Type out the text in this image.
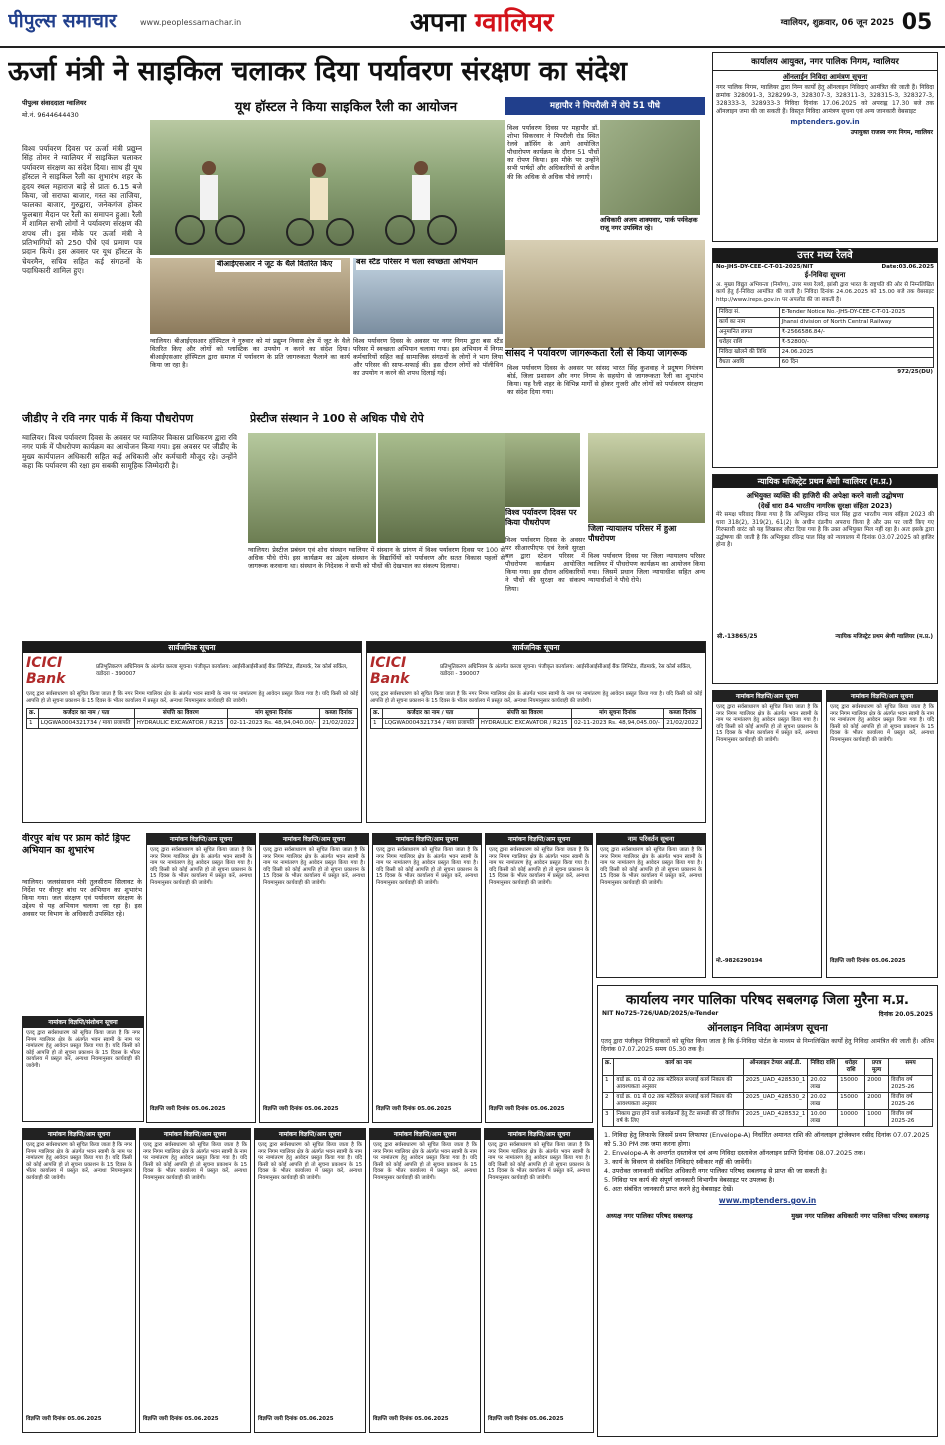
पीपुल्स समाचार	www.peoplessamachar.in	अपना ग्वालियर	ग्वालियर, शुक्रवार, 06 जून 2025 05
ऊर्जा मंत्री ने साइकिल चलाकर दिया पर्यावरण संरक्षण का संदेश
पीपुल्स संवाददाता ग्वालियर
मो.नं. 9644644430
विश्व पर्यावरण दिवस पर ऊर्जा मंत्री प्रद्युम्न सिंह तोमर ने ग्वालियर में साइकिल चलाकर पर्यावरण संरक्षण का संदेश दिया। साथ ही यूथ हॉस्टल ने साइकिल रैली का शुभारंभ शहर के हृदय स्थल महाराज बाड़े से प्रातः 6.15 बजे किया, जो सराफा बाजार, गस्त का ताजिया, फालका बाजार, गुरुद्वारा, जनेकगंज होकर फूलबाग़ मैदान पर रैली का समापन हुआ। रैली में शामिल सभी लोगों ने पर्यावरण संरक्षण की शपथ ली। इस मौके पर ऊर्जा मंत्री ने प्रतिभागियों को 250 पौधे एवं प्रमाण पत्र प्रदान किये। इस अवसर पर यूथ हॉस्टल के चेयरमैन, सचिव सहित कई संगठनों के पदाधिकारी शामिल हुए।
यूथ हॉस्टल ने किया साइकिल रैली का आयोजन	महापौर ने पिपरौली में रोपे 51 पौधे
विश्व पर्यावरण दिवस पर महापौर डॉ. शोभा सिकरवार ने पिपरौली रोड स्थित रेलवे क्रॉसिंग के आगे आयोजित पौधारोपण कार्यक्रम के दौरान 51 पौधों का रोपण किया। इस मौके पर उन्होंने सभी पार्षदों और अधिकारियों से अपील की कि अधिक से अधिक पौधे लगाएँ।
अधिकारी अजय शाक्यवार, पार्क पर्यवेक्षक राजू नगर उपस्थित रहे।
बीआईएसआर ने जूट के थैले वितरित किए
ग्वालियर। बीआईएसआर हॉस्पिटल ने गुरुवार को मां प्रद्युम्न निवास क्षेत्र में जूट के थैले वितरित किए और लोगों को प्लास्टिक का उपयोग न करने का संदेश दिया। बीआईएसआर हॉस्पिटल द्वारा समाज में पर्यावरण के प्रति जागरुकता फैलाने का कार्य किया जा रहा है।
बस स्टैंड परिसर में चला स्वच्छता अभियान
विश्व पर्यावरण दिवस के अवसर पर नगर निगम द्वारा बस स्टैंड परिसर में स्वच्छता अभियान चलाया गया। इस अभियान में निगम कर्मचारियों सहित कई सामाजिक संगठनों के लोगों ने भाग लिया और परिसर की साफ-सफाई की। इस दौरान लोगों को पॉलीथिन का उपयोग न करने की शपथ दिलाई गई।
सांसद ने पर्यावरण जागरूकता रैली से किया जागरूक
विश्व पर्यावरण दिवस के अवसर पर सांसद भारत सिंह कुशवाह ने प्रदूषण नियंत्रण बोर्ड, जिला प्रशासन और नगर निगम के सहयोग से जागरूकता रैली का शुभारंभ किया। यह रैली शहर के विभिन्न मार्गों से होकर गुजरी और लोगों को पर्यावरण संरक्षण का संदेश दिया गया।
जीडीए ने रवि नगर पार्क में किया पौधरोपण
ग्वालियर। विश्व पर्यावरण दिवस के अवसर पर ग्वालियर विकास प्राधिकरण द्वारा रवि नगर पार्क में पौधरोपण कार्यक्रम का आयोजन किया गया। इस अवसर पर जीडीए के मुख्य कार्यपालन अधिकारी सहित कई अधिकारी और कर्मचारी मौजूद रहे। उन्होंने कहा कि पर्यावरण की रक्षा हम सबकी सामूहिक जिम्मेदारी है।
प्रेस्टीज संस्थान ने 100 से अधिक पौधे रोपे
ग्वालियर। प्रेस्टीज प्रबंधन एवं शोध संस्थान ग्वालियर में संस्थान के प्रांगण में विश्व पर्यावरण दिवस पर 100 से अधिक पौधे रोपे। इस कार्यक्रम का उद्देश्य संस्थान के विद्यार्थियों को पर्यावरण और सतत विकास पहलों से जागरूक करवाना था। संस्थान के निदेशक ने सभी को पौधों की देखभाल का संकल्प दिलाया।
विश्व पर्यावरण दिवस पर किया पौधरोपण
विश्व पर्यावरण दिवस के अवसर पर सीआरपीएफ एवं रेलवे सुरक्षा बल द्वारा स्टेशन परिसर में पौधरोपण कार्यक्रम आयोजित किया गया। इस दौरान अधिकारियों ने पौधों की सुरक्षा का संकल्प लिया।
जिला न्यायालय परिसर में हुआ पौधरोपण
विश्व पर्यावरण दिवस पर जिला न्यायालय परिसर ग्वालियर में पौधरोपण कार्यक्रम का आयोजन किया गया। जिसमें प्रधान जिला न्यायाधीश सहित अन्य न्यायाधीशों ने पौधे रोपे।
सार्वजनिक सूचना
ICICI Bank
प्रतिभूतिकरण अधिनियम के अंतर्गत कब्जा सूचना। पंजीकृत कार्यालय: आईसीआईसीआई बैंक लिमिटेड, लैंडमार्क, रेस कोर्स सर्किल, वडोदरा - 390007
एतद् द्वारा सर्वसाधारण को सूचित किया जाता है कि नगर निगम ग्वालियर क्षेत्र के अंतर्गत भवन स्वामी के नाम पर नामांतरण हेतु आवेदन प्रस्तुत किया गया है। यदि किसी को कोई आपत्ति हो तो सूचना प्रकाशन के 15 दिवस के भीतर कार्यालय में प्रस्तुत करें, अन्यथा नियमानुसार कार्यवाही की जावेगी।
क्र.	कर्जदार का नाम / पता	संपत्ति का विवरण	मांग सूचना दिनांक	कब्जा दिनांक
1	LQGWA0004321734 / माया प्रजापति	HYDRAULIC EXCAVATOR / R215	02-11-2023 Rs. 48,94,040.00/-	21/02/2022
सार्वजनिक सूचना
ICICI Bank
प्रतिभूतिकरण अधिनियम के अंतर्गत कब्जा सूचना। पंजीकृत कार्यालय: आईसीआईसीआई बैंक लिमिटेड, लैंडमार्क, रेस कोर्स सर्किल, वडोदरा - 390007
एतद् द्वारा सर्वसाधारण को सूचित किया जाता है कि नगर निगम ग्वालियर क्षेत्र के अंतर्गत भवन स्वामी के नाम पर नामांतरण हेतु आवेदन प्रस्तुत किया गया है। यदि किसी को कोई आपत्ति हो तो सूचना प्रकाशन के 15 दिवस के भीतर कार्यालय में प्रस्तुत करें, अन्यथा नियमानुसार कार्यवाही की जावेगी।
क्र.	कर्जदार का नाम / पता	संपत्ति का विवरण	मांग सूचना दिनांक	कब्जा दिनांक
1	LQGWA0004321734 / माया प्रजापति	HYDRAULIC EXCAVATOR / R215	02-11-2023 Rs. 48,94,045.00/-	21/02/2022
वीरपुर बांध पर फ्राम कोर्ट ड्रिफ्ट अभियान का शुभारंभ
ग्वालियर। जलसंसाधन मंत्री तुलसीराम सिलावट के निर्देश पर वीरपुर बांध पर अभियान का शुभारंभ किया गया। जल संरक्षण एवं पर्यावरण संरक्षण के उद्देश्य से यह अभियान चलाया जा रहा है। इस अवसर पर विभाग के अधिकारी उपस्थित रहे।
नामांकन विज्ञप्ति/संशोधन सूचना
एतद् द्वारा सर्वसाधारण को सूचित किया जाता है कि नगर निगम ग्वालियर क्षेत्र के अंतर्गत भवन स्वामी के नाम पर नामांतरण हेतु आवेदन प्रस्तुत किया गया है। यदि किसी को कोई आपत्ति हो तो सूचना प्रकाशन के 15 दिवस के भीतर कार्यालय में प्रस्तुत करें, अन्यथा नियमानुसार कार्यवाही की जावेगी।
नामांकन विज्ञप्ति/आम सूचना
एतद् द्वारा सर्वसाधारण को सूचित किया जाता है कि नगर निगम ग्वालियर क्षेत्र के अंतर्गत भवन स्वामी के नाम पर नामांतरण हेतु आवेदन प्रस्तुत किया गया है। यदि किसी को कोई आपत्ति हो तो सूचना प्रकाशन के 15 दिवस के भीतर कार्यालय में प्रस्तुत करें, अन्यथा नियमानुसार कार्यवाही की जावेगी।
विज्ञप्ति जारी दिनांक 05.06.2025
नामांकन विज्ञप्ति/आम सूचना
एतद् द्वारा सर्वसाधारण को सूचित किया जाता है कि नगर निगम ग्वालियर क्षेत्र के अंतर्गत भवन स्वामी के नाम पर नामांतरण हेतु आवेदन प्रस्तुत किया गया है। यदि किसी को कोई आपत्ति हो तो सूचना प्रकाशन के 15 दिवस के भीतर कार्यालय में प्रस्तुत करें, अन्यथा नियमानुसार कार्यवाही की जावेगी।
विज्ञप्ति जारी दिनांक 05.06.2025
नामांकन विज्ञप्ति/आम सूचना
एतद् द्वारा सर्वसाधारण को सूचित किया जाता है कि नगर निगम ग्वालियर क्षेत्र के अंतर्गत भवन स्वामी के नाम पर नामांतरण हेतु आवेदन प्रस्तुत किया गया है। यदि किसी को कोई आपत्ति हो तो सूचना प्रकाशन के 15 दिवस के भीतर कार्यालय में प्रस्तुत करें, अन्यथा नियमानुसार कार्यवाही की जावेगी।
विज्ञप्ति जारी दिनांक 05.06.2025
नामांकन विज्ञप्ति/आम सूचना
एतद् द्वारा सर्वसाधारण को सूचित किया जाता है कि नगर निगम ग्वालियर क्षेत्र के अंतर्गत भवन स्वामी के नाम पर नामांतरण हेतु आवेदन प्रस्तुत किया गया है। यदि किसी को कोई आपत्ति हो तो सूचना प्रकाशन के 15 दिवस के भीतर कार्यालय में प्रस्तुत करें, अन्यथा नियमानुसार कार्यवाही की जावेगी।
विज्ञप्ति जारी दिनांक 05.06.2025
नाम परिवर्तन सूचना
एतद् द्वारा सर्वसाधारण को सूचित किया जाता है कि नगर निगम ग्वालियर क्षेत्र के अंतर्गत भवन स्वामी के नाम पर नामांतरण हेतु आवेदन प्रस्तुत किया गया है। यदि किसी को कोई आपत्ति हो तो सूचना प्रकाशन के 15 दिवस के भीतर कार्यालय में प्रस्तुत करें, अन्यथा नियमानुसार कार्यवाही की जावेगी।
नामांकन विज्ञप्ति/आम सूचना
एतद् द्वारा सर्वसाधारण को सूचित किया जाता है कि नगर निगम ग्वालियर क्षेत्र के अंतर्गत भवन स्वामी के नाम पर नामांतरण हेतु आवेदन प्रस्तुत किया गया है। यदि किसी को कोई आपत्ति हो तो सूचना प्रकाशन के 15 दिवस के भीतर कार्यालय में प्रस्तुत करें, अन्यथा नियमानुसार कार्यवाही की जावेगी।
विज्ञप्ति जारी दिनांक 05.06.2025
नामांकन विज्ञप्ति/आम सूचना
एतद् द्वारा सर्वसाधारण को सूचित किया जाता है कि नगर निगम ग्वालियर क्षेत्र के अंतर्गत भवन स्वामी के नाम पर नामांतरण हेतु आवेदन प्रस्तुत किया गया है। यदि किसी को कोई आपत्ति हो तो सूचना प्रकाशन के 15 दिवस के भीतर कार्यालय में प्रस्तुत करें, अन्यथा नियमानुसार कार्यवाही की जावेगी।
विज्ञप्ति जारी दिनांक 05.06.2025
नामांकन विज्ञप्ति/आम सूचना
एतद् द्वारा सर्वसाधारण को सूचित किया जाता है कि नगर निगम ग्वालियर क्षेत्र के अंतर्गत भवन स्वामी के नाम पर नामांतरण हेतु आवेदन प्रस्तुत किया गया है। यदि किसी को कोई आपत्ति हो तो सूचना प्रकाशन के 15 दिवस के भीतर कार्यालय में प्रस्तुत करें, अन्यथा नियमानुसार कार्यवाही की जावेगी।
विज्ञप्ति जारी दिनांक 05.06.2025
नामांकन विज्ञप्ति/आम सूचना
एतद् द्वारा सर्वसाधारण को सूचित किया जाता है कि नगर निगम ग्वालियर क्षेत्र के अंतर्गत भवन स्वामी के नाम पर नामांतरण हेतु आवेदन प्रस्तुत किया गया है। यदि किसी को कोई आपत्ति हो तो सूचना प्रकाशन के 15 दिवस के भीतर कार्यालय में प्रस्तुत करें, अन्यथा नियमानुसार कार्यवाही की जावेगी।
विज्ञप्ति जारी दिनांक 05.06.2025
नामांकन विज्ञप्ति/आम सूचना
एतद् द्वारा सर्वसाधारण को सूचित किया जाता है कि नगर निगम ग्वालियर क्षेत्र के अंतर्गत भवन स्वामी के नाम पर नामांतरण हेतु आवेदन प्रस्तुत किया गया है। यदि किसी को कोई आपत्ति हो तो सूचना प्रकाशन के 15 दिवस के भीतर कार्यालय में प्रस्तुत करें, अन्यथा नियमानुसार कार्यवाही की जावेगी।
विज्ञप्ति जारी दिनांक 05.06.2025
कार्यालय आयुक्त, नगर पालिक निगम, ग्वालियर
ऑनलाईन निविदा आमंत्रण सूचना
नगर पालिक निगम, ग्वालियर द्वारा निम्न कार्यों हेतु ऑनलाइन निविदाएं आमंत्रित की जाती हैं। निविदा क्रमांक 328091-3, 328299-3, 328307-3, 328311-3, 328315-3, 328327-3, 328333-3, 328933-3 निविदा दिनांक 17.06.2025 को अपराह्न 17.30 बजे तक ऑनलाइन जमा की जा सकती हैं। विस्तृत निविदा आमंत्रण सूचना एवं अन्य जानकारी वेबसाइट
mptenders.gov.in
उपायुक्त राजस्व नगर निगम, ग्वालियर
उत्तर मध्य रेलवे
No-JHS-DY-CEE-C-T-01-2025/NIT	Date:03.06.2025
ई-निविदा सूचना
अ. मुख्य विद्युत अभियन्ता (निर्माण), उत्तर मध्य रेलवे, झांसी द्वारा भारत के राष्ट्रपति की ओर से निम्नलिखित कार्य हेतु ई-निविदा आमंत्रित की जाती है। निविदा दिनांक 24.06.2025 को 15.00 बजे तक वेबसाइट http://www.ireps.gov.in पर अपलोड की जा सकती है।
निविदा सं.	E-Tender Notice No.-JHS-DY-CEE-C-T-01-2025
कार्य का नाम	Jhansi division of North Central Railway
अनुमानित लागत	₹-2566586.84/-
धरोहर राशि	₹-52800/-
निविदा खोलने की तिथि	24.06.2025
वैधता अवधि	60 दिन
972/25(DU)
न्यायिक मजिस्ट्रेट प्रथम श्रेणी ग्वालियर (म.प्र.)
अभियुक्त व्यक्ति की हाजिरी की अपेक्षा करने वाली उद्घोषणा
(देखें धारा 84 भारतीय नागरिक सुरक्षा संहिता 2023)
मेरे समक्ष परिवाद किया गया है कि अभियुक्त रविन्द्र पाल सिंह द्वारा भारतीय न्याय संहिता 2023 की धारा 318(2), 319(2), 61(2) के अधीन दंडनीय अपराध किया है और उस पर जारी किए गए गिरफ्तारी वारंट को यह लिखकर लौटा दिया गया है कि उक्त अभियुक्त मिल नहीं रहा है। अतः इसके द्वारा उद्घोषणा की जाती है कि अभियुक्त रविन्द्र पाल सिंह को न्यायालय में दिनांक 03.07.2025 को हाजिर होना है।
सी.-13865/25	न्यायिक मजिस्ट्रेट प्रथम श्रेणी ग्वालियर (म.प्र.)
नामांकन विज्ञप्ति/आम सूचना
एतद् द्वारा सर्वसाधारण को सूचित किया जाता है कि नगर निगम ग्वालियर क्षेत्र के अंतर्गत भवन स्वामी के नाम पर नामांतरण हेतु आवेदन प्रस्तुत किया गया है। यदि किसी को कोई आपत्ति हो तो सूचना प्रकाशन के 15 दिवस के भीतर कार्यालय में प्रस्तुत करें, अन्यथा नियमानुसार कार्यवाही की जावेगी।
मो.-9826290194
नामांकन विज्ञप्ति/आम सूचना
एतद् द्वारा सर्वसाधारण को सूचित किया जाता है कि नगर निगम ग्वालियर क्षेत्र के अंतर्गत भवन स्वामी के नाम पर नामांतरण हेतु आवेदन प्रस्तुत किया गया है। यदि किसी को कोई आपत्ति हो तो सूचना प्रकाशन के 15 दिवस के भीतर कार्यालय में प्रस्तुत करें, अन्यथा नियमानुसार कार्यवाही की जावेगी।
विज्ञप्ति जारी दिनांक 05.06.2025
कार्यालय नगर पालिका परिषद सबलगढ़ जिला मुरैना म.प्र.
NIT No725-726/UAD/2025/e-Tender	दिनांक 20.05.2025
ऑनलाइन निविदा आमंत्रण सूचना
एतद् द्वारा पंजीकृत निविदाकारों को सूचित किया जाता है कि ई-निविदा पोर्टल के माध्यम से निम्नलिखित कार्यों हेतु निविदा आमंत्रित की जाती हैं। अंतिम दिनांक 07.07.2025 समय 05.30 तक है।
क्र.	कार्य का नाम	ऑनलाइन टेण्डर आई.डी.	निविदा राशि	धरोहर राशि	प्रपत्र मूल्य	समय
1	वार्ड क्र. 01 से 02 तक मटेरियल सप्लाई कार्य निकाय की आवश्यकता अनुसार	2025_UAD_428530_1	20.02 लाख	15000	2000	वित्तीय वर्ष 2025-26
2	वार्ड क्र. 01 से 02 तक मटेरियल सप्लाई कार्य निकाय की आवश्यकता अनुसार	2025_UAD_428530_2	20.02 लाख	15000	2000	वित्तीय वर्ष 2025-26
3	निकाय द्वारा होने वाले कार्यक्रमों हेतु टेंट सामग्री की दरें वित्तीय वर्ष के लिए	2025_UAD_428532_1	10.00 लाख	10000	1000	वित्तीय वर्ष 2025-26
1. निविदा हेतु लिफाफे जिसमें प्रथम लिफाफा (Envelope-A) निर्धारित अमानत राशि की ऑनलाइन ट्रांजेक्शन रसीद दिनांक 07.07.2025 को 5.30 PM तक जमा करना होगा।
2. Envelope-A के अन्तर्गत दस्तावेज एवं अन्य निविदा दस्तावेज ऑनलाइन प्राप्ति दिनांक 08.07.2025 तक।
3. कार्य के विवरण से संबंधित निविदाएं स्वीकार नहीं की जावेंगी।
4. उपरोक्त जानकारी संबंधित अधिकारी नगर पालिका परिषद सबलगढ़ से प्राप्त की जा सकती है।
5. निविदा पत्र कार्य की संपूर्ण जानकारी विभागीय वेबसाइट पर उपलब्ध है।
6. अतः संबंधित जानकारी प्राप्त करने हेतु वेबसाइट देखें।
www.mptenders.gov.in
अध्यक्ष नगर पालिका परिषद सबलगढ़	मुख्य नगर पालिका अधिकारी नगर पालिका परिषद सबलगढ़
